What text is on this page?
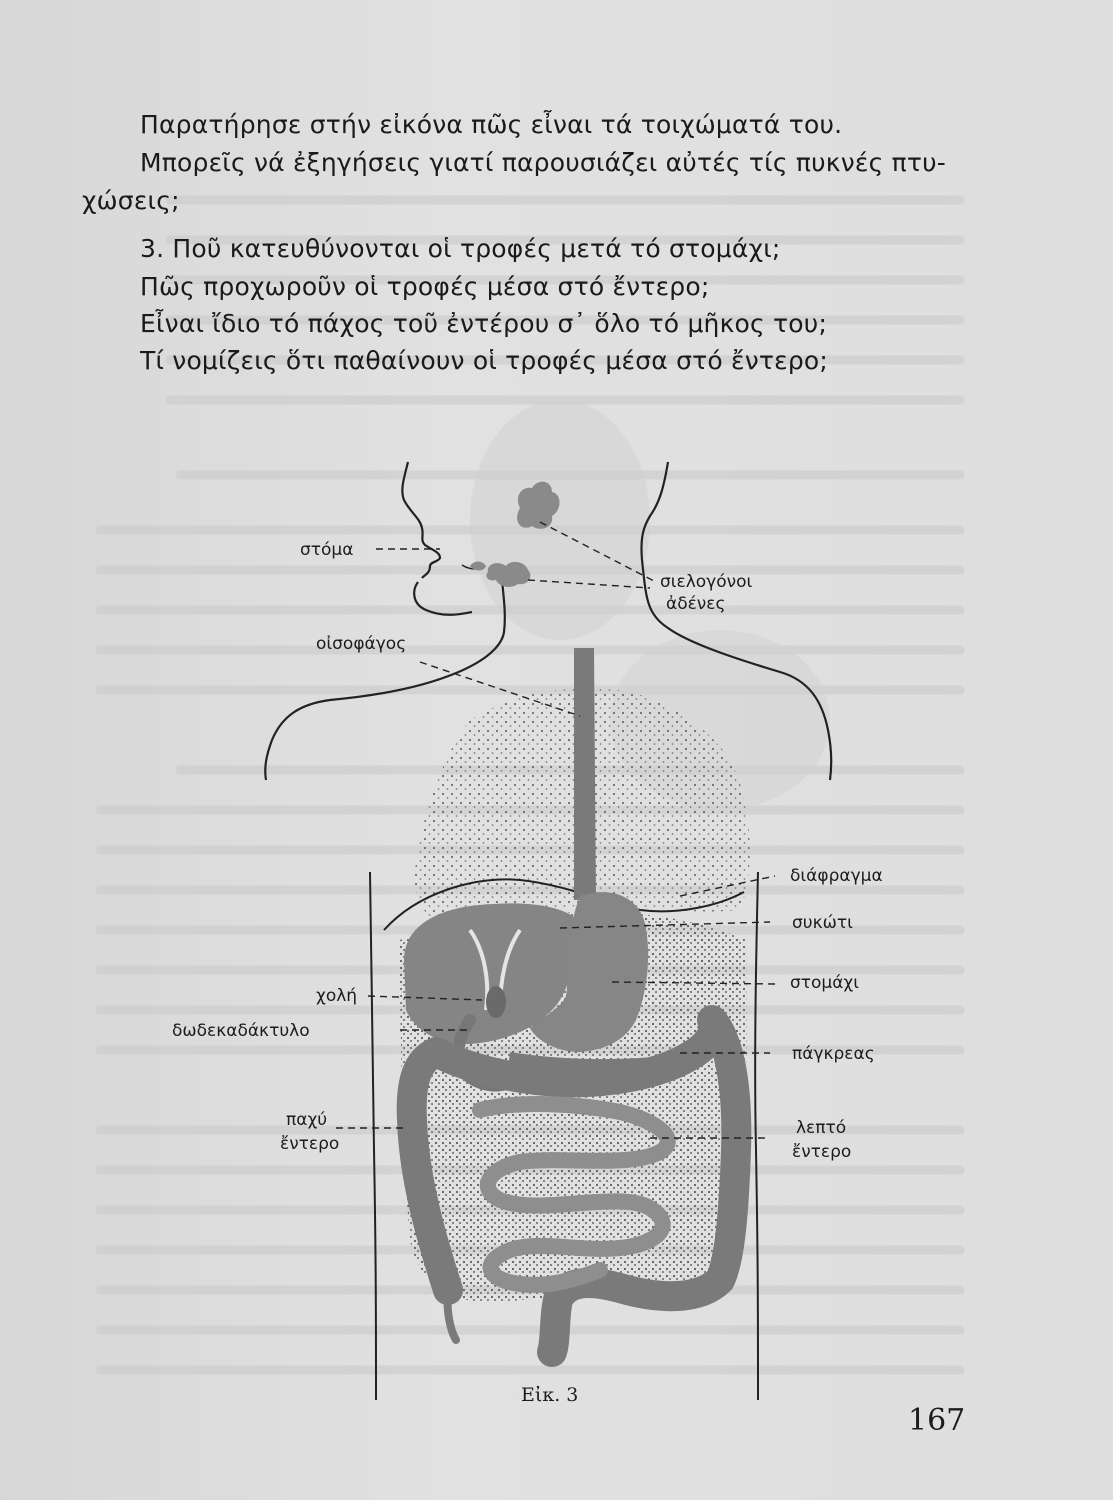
Παρατήρησε στήν εἰκόνα πῶς εἶναι τά τοιχώματά του.
Μπορεῖς νά ἐξηγήσεις γιατί παρουσιάζει αὐτές τίς πυκνές πτυ-
χώσεις;
3. Ποῦ κατευθύνονται οἱ τροφές μετά τό στομάχι;
Πῶς προχωροῦν οἱ τροφές μέσα στό ἔντερο;
Εἶναι ἴδιο τό πάχος τοῦ ἐντέρου σ᾽ ὅλο τό μῆκος του;
Τί νομίζεις ὅτι παθαίνουν οἱ τροφές μέσα στό ἔντερο;
στόμα
σιελογόνοι
ἀδένες
οἰσοφάγος
διάφραγμα
συκώτι
στομάχι
χολή
δωδεκαδάκτυλο
πάγκρεας
παχύ
ἔντερο
λεπτό
ἔντερο
Εἰκ. 3
167
